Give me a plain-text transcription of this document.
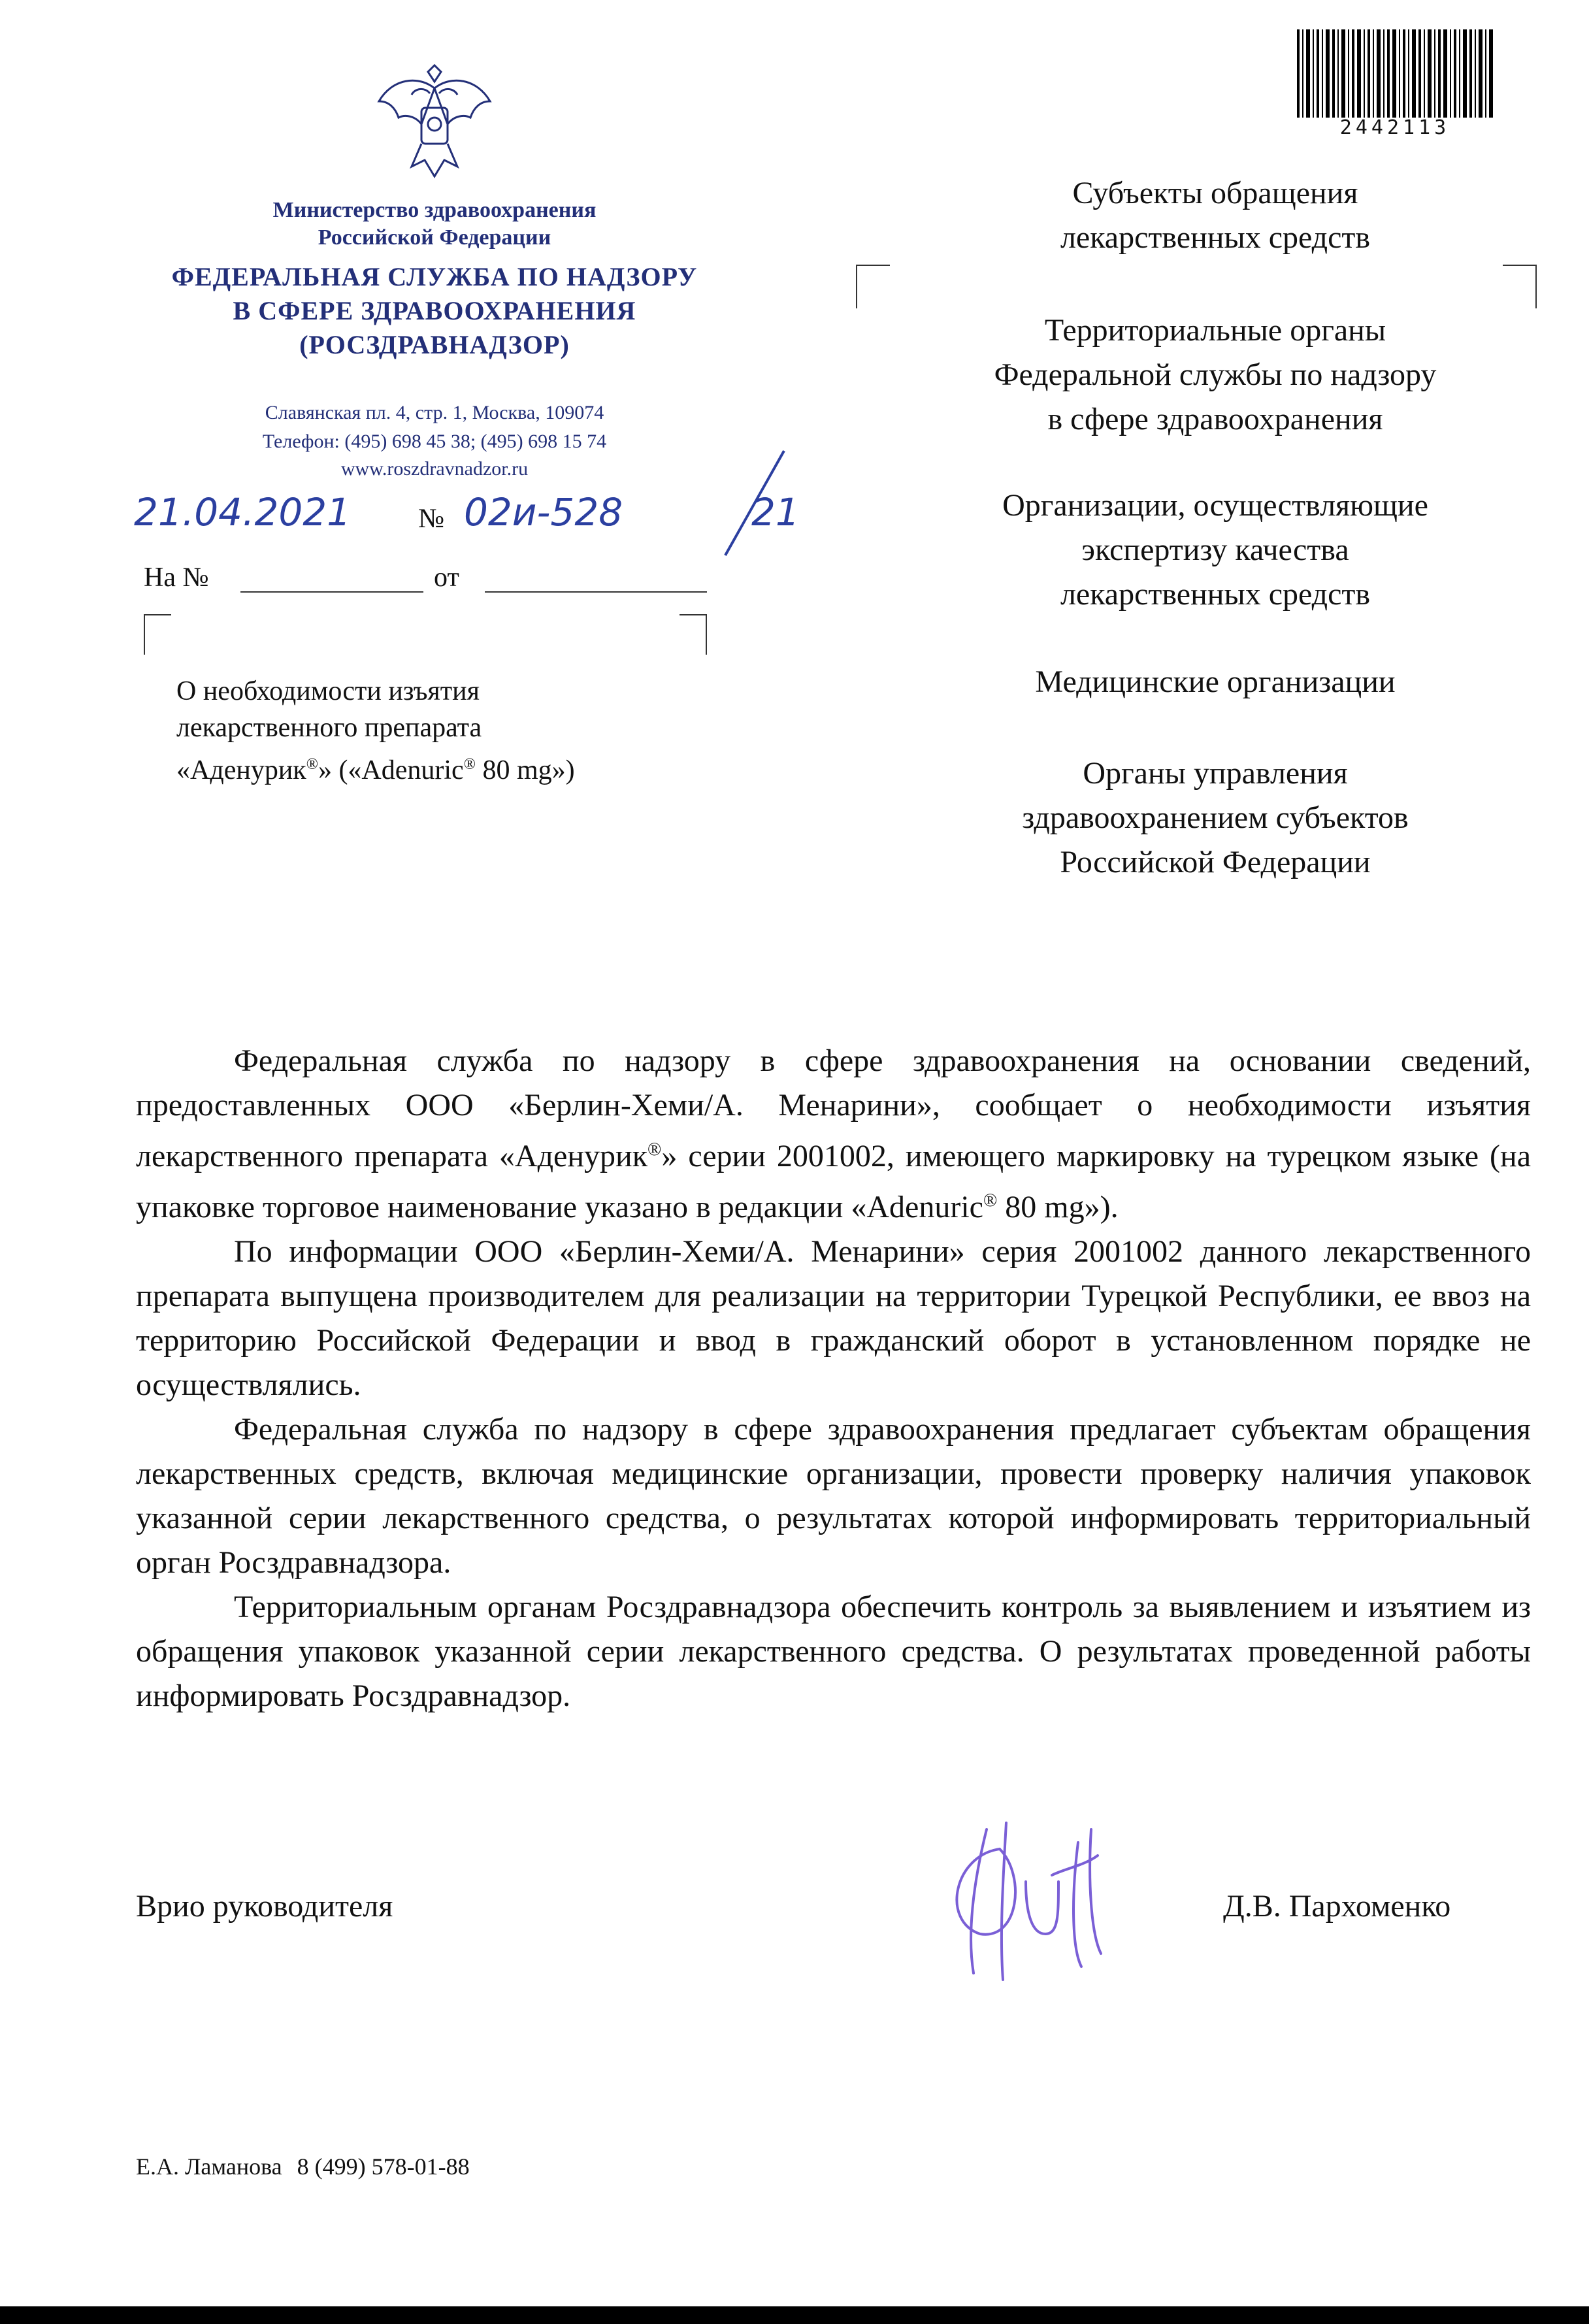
Министерство здравоохранения
Российской Федерации
ФЕДЕРАЛЬНАЯ СЛУЖБА ПО НАДЗОРУ
В СФЕРЕ ЗДРАВООХРАНЕНИЯ
(РОСЗДРАВНАДЗОР)
Славянская пл. 4, стр. 1, Москва, 109074
Телефон: (495) 698 45 38; (495) 698 15 74
www.roszdravnadzor.ru
21.04.2021 № 02и-528	21
На №	от
О необходимости изъятия
лекарственного препарата
«Аденурик®» («Adenuric® 80 mg»)
2442113
Субъекты обращения
лекарственных средств
Территориальные органы
Федеральной службы по надзору
в сфере здравоохранения
Организации, осуществляющие
экспертизу качества
лекарственных средств
Медицинские организации
Органы управления
здравоохранением субъектов
Российской Федерации

Федеральная служба по надзору в сфере здравоохранения на основании сведений, предоставленных ООО «Берлин-Хеми/А. Менарини», сообщает о необходимости изъятия лекарственного препарата «Аденурик®» серии 2001002, имеющего маркировку на турецком языке (на упаковке торговое наименование указано в редакции «Adenuric® 80 mg»).

По информации ООО «Берлин-Хеми/А. Менарини» серия 2001002 данного лекарственного препарата выпущена производителем для реализации на территории Турецкой Республики, ее ввоз на территорию Российской Федерации и ввод в гражданский оборот в установленном порядке не осуществлялись.

Федеральная служба по надзору в сфере здравоохранения предлагает субъектам обращения лекарственных средств, включая медицинские организации, провести проверку наличия упаковок указанной серии лекарственного средства, о результатах которой информировать территориальный орган Росздравнадзора.

Территориальным органам Росздравнадзора обеспечить контроль за выявлением и изъятием из обращения упаковок указанной серии лекарственного средства. О результатах проведенной работы информировать Росздравнадзор.

Врио руководителя	Д.В. Пархоменко
Е.А. Ламанова 8 (499) 578-01-88
